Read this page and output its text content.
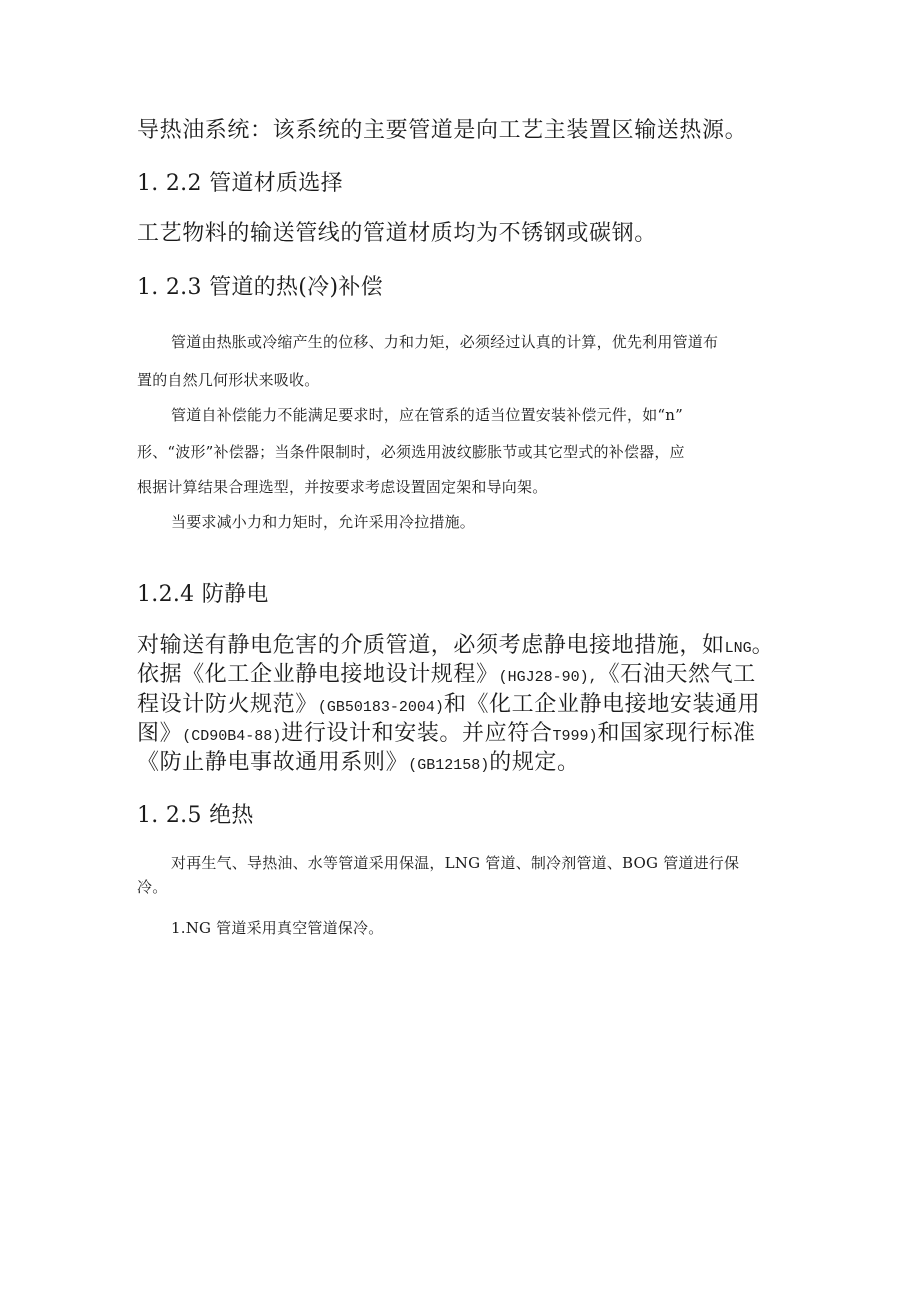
导热油系统：该系统的主要管道是向工艺主装置区输送热源。

1. 2.2 管道材质选择

工艺物料的输送管线的管道材质均为不锈钢或碳钢。

1. 2.3 管道的热(冷)补偿

管道由热胀或冷缩产生的位移、力和力矩，必须经过认真的计算，优先利用管道布

置的自然几何形状来吸收。

管道自补偿能力不能满足要求时，应在管系的适当位置安装补偿元件，如“n”

形、“波形”补偿器；当条件限制时，必须选用波纹膨胀节或其它型式的补偿器，应

根据计算结果合理选型，并按要求考虑设置固定架和导向架。

当要求减小力和力矩时，允许采用冷拉措施。

1.2.4 防静电

对输送有静电危害的介质管道，必须考虑静电接地措施，如LNG。

依据《化工企业静电接地设计规程》(HGJ28-90),《石油天然气工

程设计防火规范》(GB50183-2004)和《化工企业静电接地安装通用

图》(CD90B4-88)进行设计和安装。并应符合T999)和国家现行标准

《防止静电事故通用系则》(GB12158)的规定。

1. 2.5 绝热

对再生气、导热油、水等管道采用保温，LNG 管道、制冷剂管道、BOG 管道进行保

冷。

1.NG 管道采用真空管道保冷。
